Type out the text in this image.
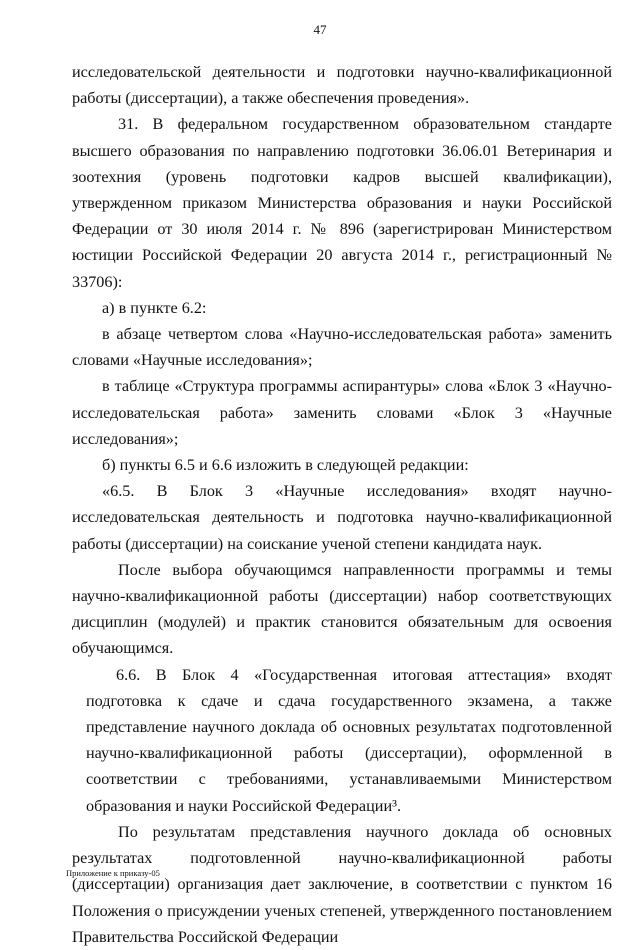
47

исследовательской деятельности и подготовки научно-квалификационной работы (диссертации), а также обеспечения проведения».

31. В федеральном государственном образовательном стандарте высшего образования по направлению подготовки 36.06.01 Ветеринария и зоотехния (уровень подготовки кадров высшей квалификации), утвержденном приказом Министерства образования и науки Российской Федерации от 30 июля 2014 г. № 896 (зарегистрирован Министерством юстиции Российской Федерации 20 августа 2014 г., регистрационный № 33706):

а) в пункте 6.2:

в абзаце четвертом слова «Научно-исследовательская работа» заменить словами «Научные исследования»;

в таблице «Структура программы аспирантуры» слова «Блок 3 «Научно-исследовательская работа» заменить словами «Блок 3 «Научные исследования»;

б) пункты 6.5 и 6.6 изложить в следующей редакции:

«6.5. В Блок 3 «Научные исследования» входят научно-исследовательская деятельность и подготовка научно-квалификационной работы (диссертации) на соискание ученой степени кандидата наук.

После выбора обучающимся направленности программы и темы научно-квалификационной работы (диссертации) набор соответствующих дисциплин (модулей) и практик становится обязательным для освоения обучающимся.

6.6. В Блок 4 «Государственная итоговая аттестация» входят подготовка к сдаче и сдача государственного экзамена, а также представление научного доклада об основных результатах подготовленной научно-квалификационной работы (диссертации), оформленной в соответствии с требованиями, устанавливаемыми Министерством образования и науки Российской Федерации³.

По результатам представления научного доклада об основных результатах подготовленной научно-квалификационной работы (диссертации) организация дает заключение, в соответствии с пунктом 16 Положения о присуждении ученых степеней, утвержденного постановлением Правительства Российской Федерации

Приложение к приказу-05
